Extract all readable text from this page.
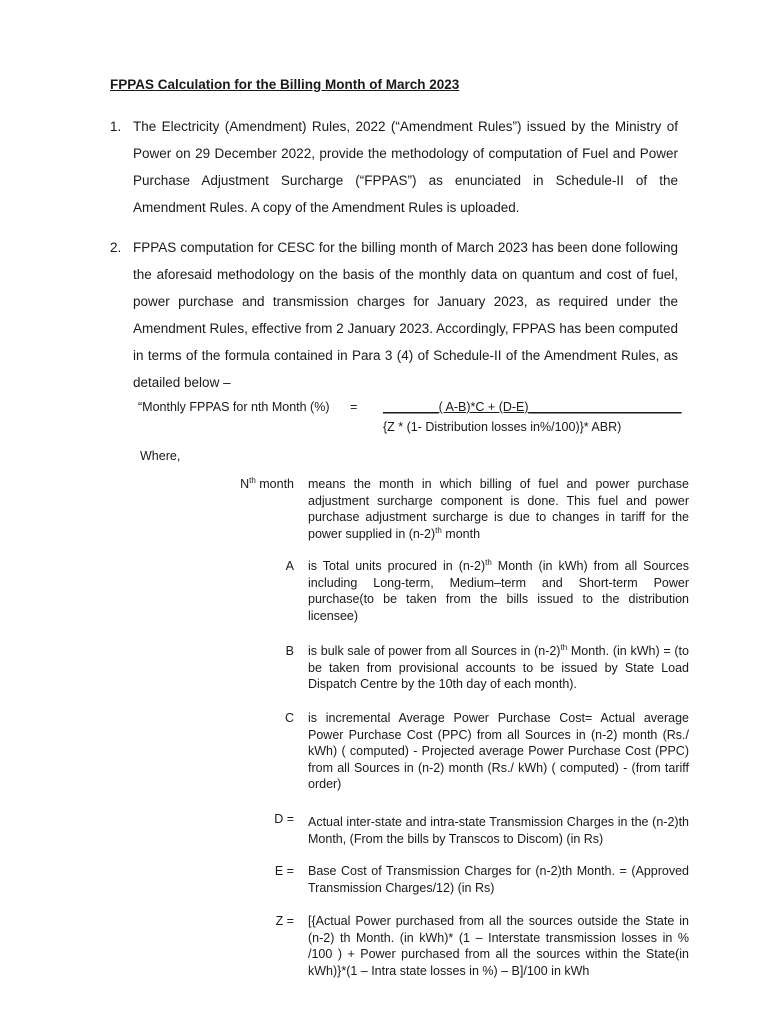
FPPAS Calculation for the Billing Month of March 2023
1. The Electricity (Amendment) Rules, 2022 (“Amendment Rules”) issued by the Ministry of Power on 29 December 2022, provide the methodology of computation of Fuel and Power Purchase Adjustment Surcharge (“FPPAS”) as enunciated in Schedule-II of the Amendment Rules. A copy of the Amendment Rules is uploaded.
2. FPPAS computation for CESC for the billing month of March 2023 has been done following the aforesaid methodology on the basis of the monthly data on quantum and cost of fuel, power purchase and transmission charges for January 2023, as required under the Amendment Rules, effective from 2 January 2023. Accordingly, FPPAS has been computed in terms of the formula contained in Para 3 (4) of Schedule-II of the Amendment Rules, as detailed below –
“Monthly FPPAS for nth Month (%) = ________( A-B)*C + (D-E)______________________
{Z * (1- Distribution losses in%/100)}* ABR)
Where,
$N^{th}$ month means the month in which billing of fuel and power purchase adjustment surcharge component is done. This fuel and power purchase adjustment surcharge is due to changes in tariff for the power supplied in $(n-2)^{th}$ month
A is Total units procured in $(n-2)^{th}$ Month (in kWh) from all Sources including Long-term, Medium–term and Short-term Power purchase(to be taken from the bills issued to the distribution licensee)
B is bulk sale of power from all Sources in $(n-2)^{th}$ Month. (in kWh) = (to be taken from provisional accounts to be issued by State Load Dispatch Centre by the 10th day of each month).
C is incremental Average Power Purchase Cost= Actual average Power Purchase Cost (PPC) from all Sources in (n-2) month (Rs./ kWh) ( computed) - Projected average Power Purchase Cost (PPC) from all Sources in (n-2) month (Rs./ kWh) ( computed) - (from tariff order)
D = Actual inter-state and intra-state Transmission Charges in the (n-2)th Month, (From the bills by Transcos to Discom) (in Rs)
E = Base Cost of Transmission Charges for (n-2)th Month. = (Approved Transmission Charges/12) (in Rs)
Z = [{Actual Power purchased from all the sources outside the State in (n-2) th Month. (in kWh)* (1 – Interstate transmission losses in % /100 ) + Power purchased from all the sources within the State(in kWh)}*(1 – Intra state losses in %) – B]/100 in kWh
